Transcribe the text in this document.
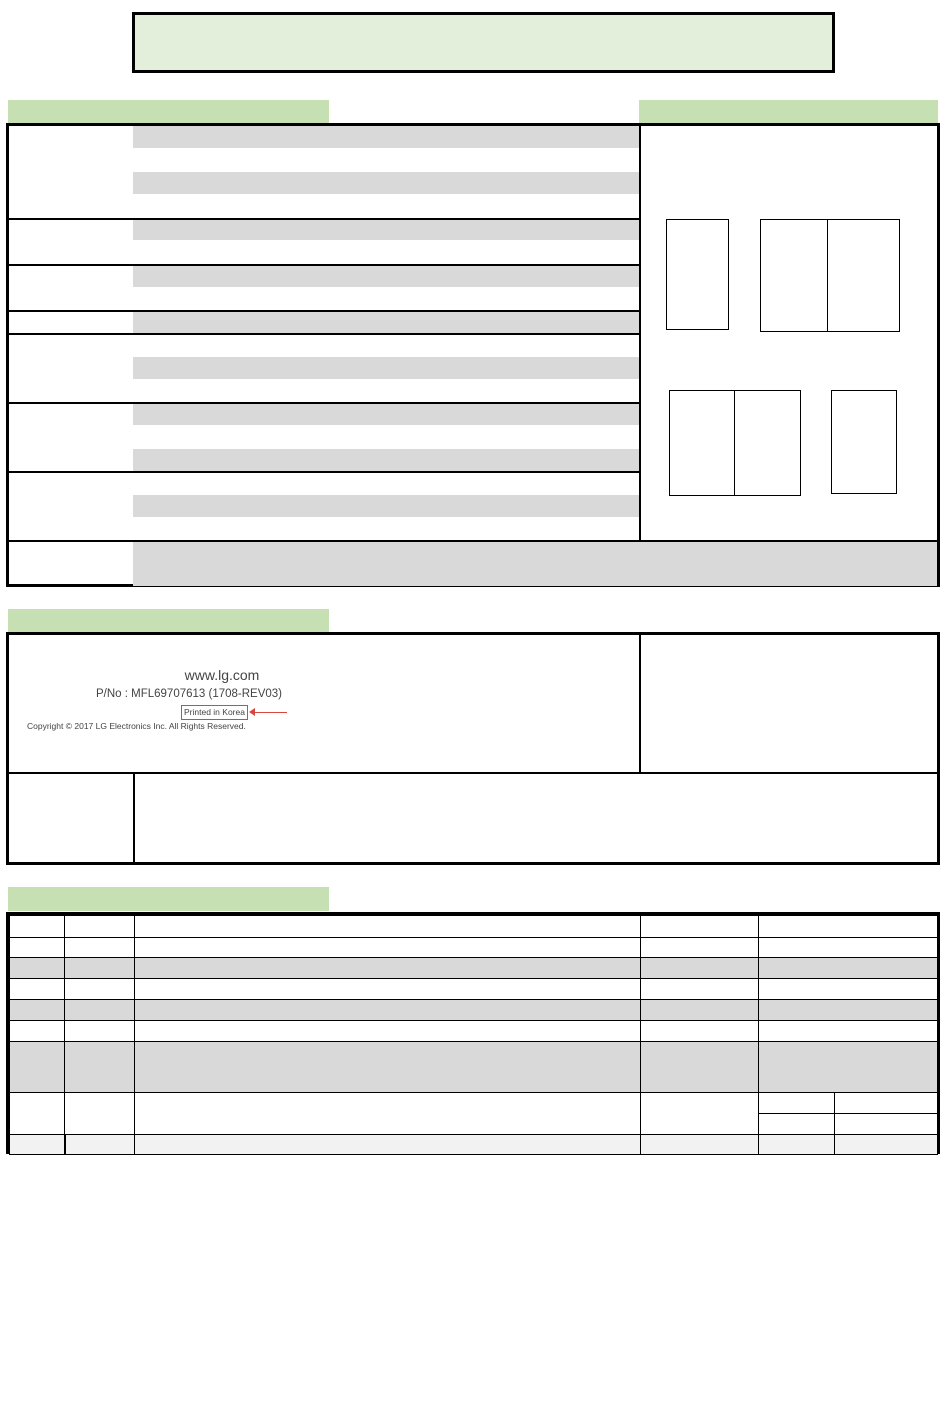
www.lg.com
P/No : MFL69707613 (1708-REV03)
Printed in Korea
Copyright © 2017 LG Electronics Inc. All Rights Reserved.
